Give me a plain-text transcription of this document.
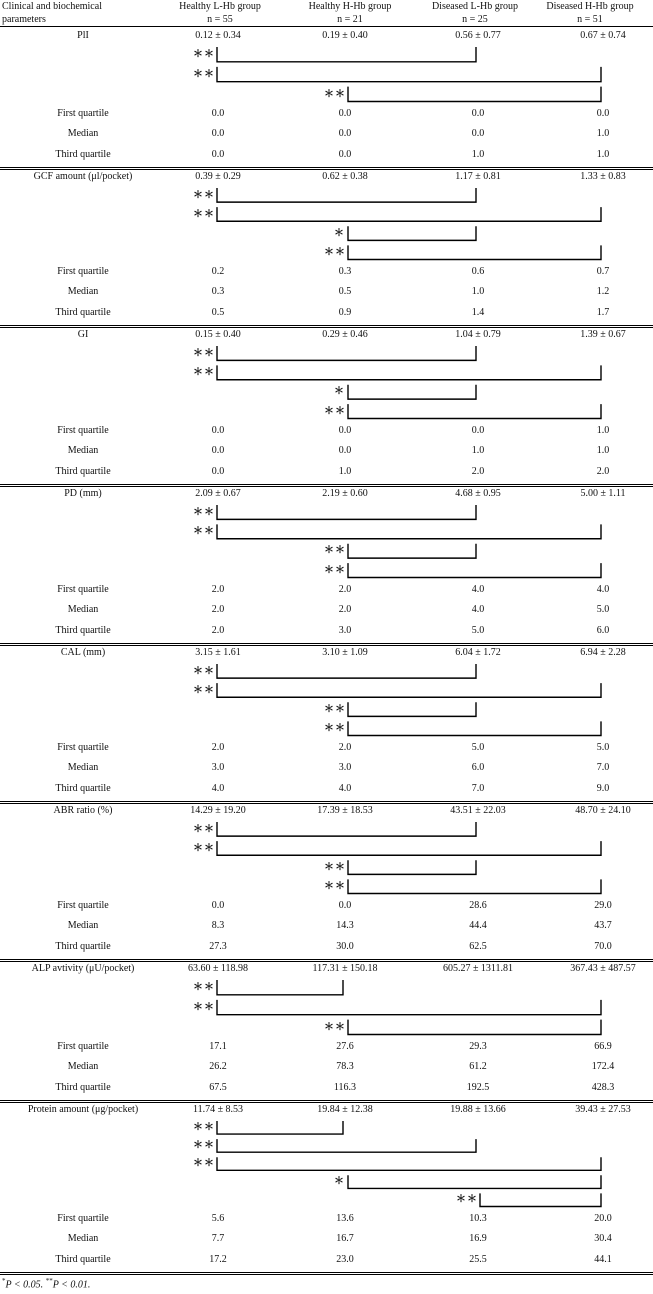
Clinical and biochemical
parameters
Healthy L-Hb group
n = 55
Healthy H-Hb group
n = 21
Diseased L-Hb group
n = 25
Diseased H-Hb group
n = 51
PlI	0.12 ± 0.34	0.19 ± 0.40	0.56 ± 0.77	0.67 ± 0.74
＊＊
＊＊
＊＊
First quartile	0.0	0.0	0.0	0.0
Median	0.0	0.0	0.0	1.0
Third quartile	0.0	0.0	1.0	1.0
GCF amount (μl/pocket)	0.39 ± 0.29	0.62 ± 0.38	1.17 ± 0.81	1.33 ± 0.83
＊＊
＊＊
＊
＊＊
First quartile	0.2	0.3	0.6	0.7
Median	0.3	0.5	1.0	1.2
Third quartile	0.5	0.9	1.4	1.7
GI	0.15 ± 0.40	0.29 ± 0.46	1.04 ± 0.79	1.39 ± 0.67
＊＊
＊＊
＊
＊＊
First quartile	0.0	0.0	0.0	1.0
Median	0.0	0.0	1.0	1.0
Third quartile	0.0	1.0	2.0	2.0
PD (mm)	2.09 ± 0.67	2.19 ± 0.60	4.68 ± 0.95	5.00 ± 1.11
＊＊
＊＊
＊＊
＊＊
First quartile	2.0	2.0	4.0	4.0
Median	2.0	2.0	4.0	5.0
Third quartile	2.0	3.0	5.0	6.0
CAL (mm)	3.15 ± 1.61	3.10 ± 1.09	6.04 ± 1.72	6.94 ± 2.28
＊＊
＊＊
＊＊
＊＊
First quartile	2.0	2.0	5.0	5.0
Median	3.0	3.0	6.0	7.0
Third quartile	4.0	4.0	7.0	9.0
ABR ratio (%)	14.29 ± 19.20	17.39 ± 18.53	43.51 ± 22.03	48.70 ± 24.10
＊＊
＊＊
＊＊
＊＊
First quartile	0.0	0.0	28.6	29.0
Median	8.3	14.3	44.4	43.7
Third quartile	27.3	30.0	62.5	70.0
ALP avtivity (μU/pocket)	63.60 ± 118.98	117.31 ± 150.18	605.27 ± 1311.81	367.43 ± 487.57
＊＊
＊＊
＊＊
First quartile	17.1	27.6	29.3	66.9
Median	26.2	78.3	61.2	172.4
Third quartile	67.5	116.3	192.5	428.3
Protein amount (μg/pocket)	11.74 ± 8.53	19.84 ± 12.38	19.88 ± 13.66	39.43 ± 27.53
＊＊
＊＊
＊＊
＊
＊＊
First quartile	5.6	13.6	10.3	20.0
Median	7.7	16.7	16.9	30.4
Third quartile	17.2	23.0	25.5	44.1
*P < 0.05. **P < 0.01.
